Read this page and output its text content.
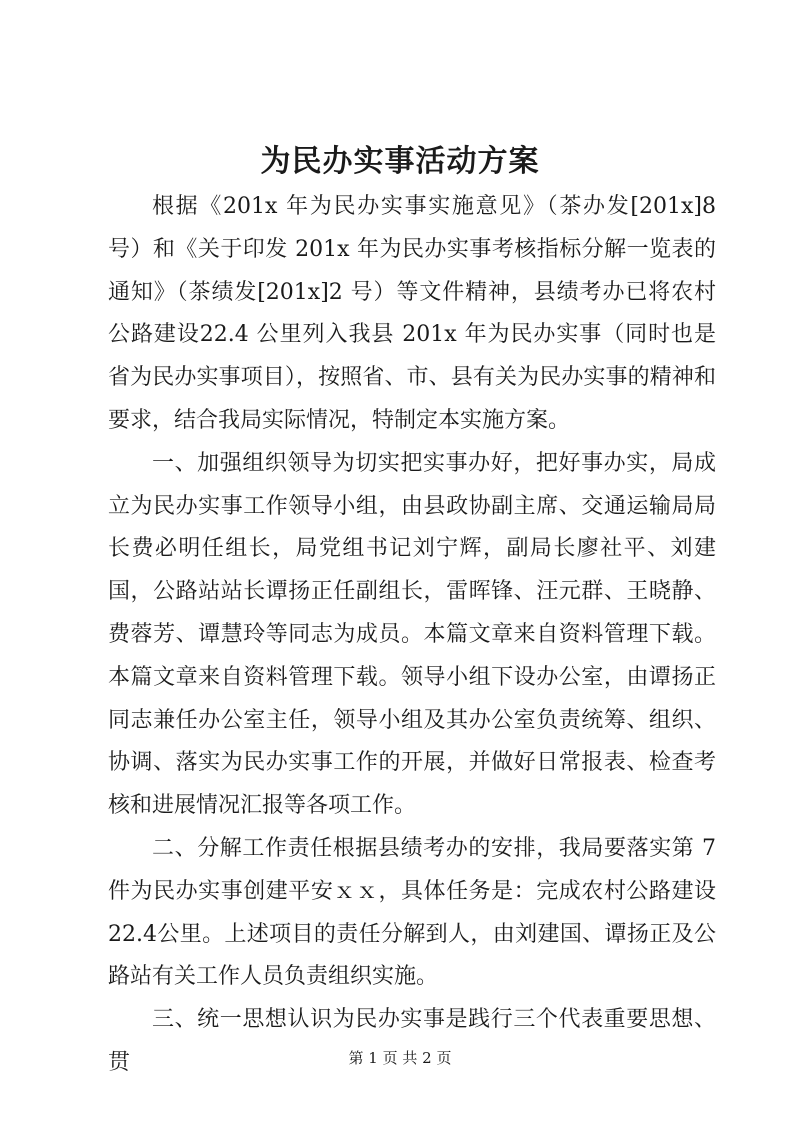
为民办实事活动方案

根据《201x 年为民办实事实施意见》（茶办发[201x]8 号）和《关于印发 201x 年为民办实事考核指标分解一览表的通知》（茶绩发[201x]2 号）等文件精神，县绩考办已将农村公路建设22.4 公里列入我县 201x 年为民办实事（同时也是省为民办实事项目），按照省、市、县有关为民办实事的精神和要求，结合我局实际情况，特制定本实施方案。

一、加强组织领导为切实把实事办好，把好事办实，局成立为民办实事工作领导小组，由县政协副主席、交通运输局局长费必明任组长，局党组书记刘宁辉，副局长廖社平、刘建国，公路站站长谭扬正任副组长，雷晖锋、汪元群、王晓静、费蓉芳、谭慧玲等同志为成员。本篇文章来自资料管理下载。本篇文章来自资料管理下载。领导小组下设办公室，由谭扬正同志兼任办公室主任，领导小组及其办公室负责统筹、组织、协调、落实为民办实事工作的开展，并做好日常报表、检查考核和进展情况汇报等各项工作。

二、分解工作责任根据县绩考办的安排，我局要落实第 7 件为民办实事创建平安ｘｘ，具体任务是：完成农村公路建设 22.4公里。上述项目的责任分解到人，由刘建国、谭扬正及公路站有关工作人员负责组织实施。

三、统一思想认识为民办实事是践行三个代表重要思想、贯	第 1 页 共 2 页
